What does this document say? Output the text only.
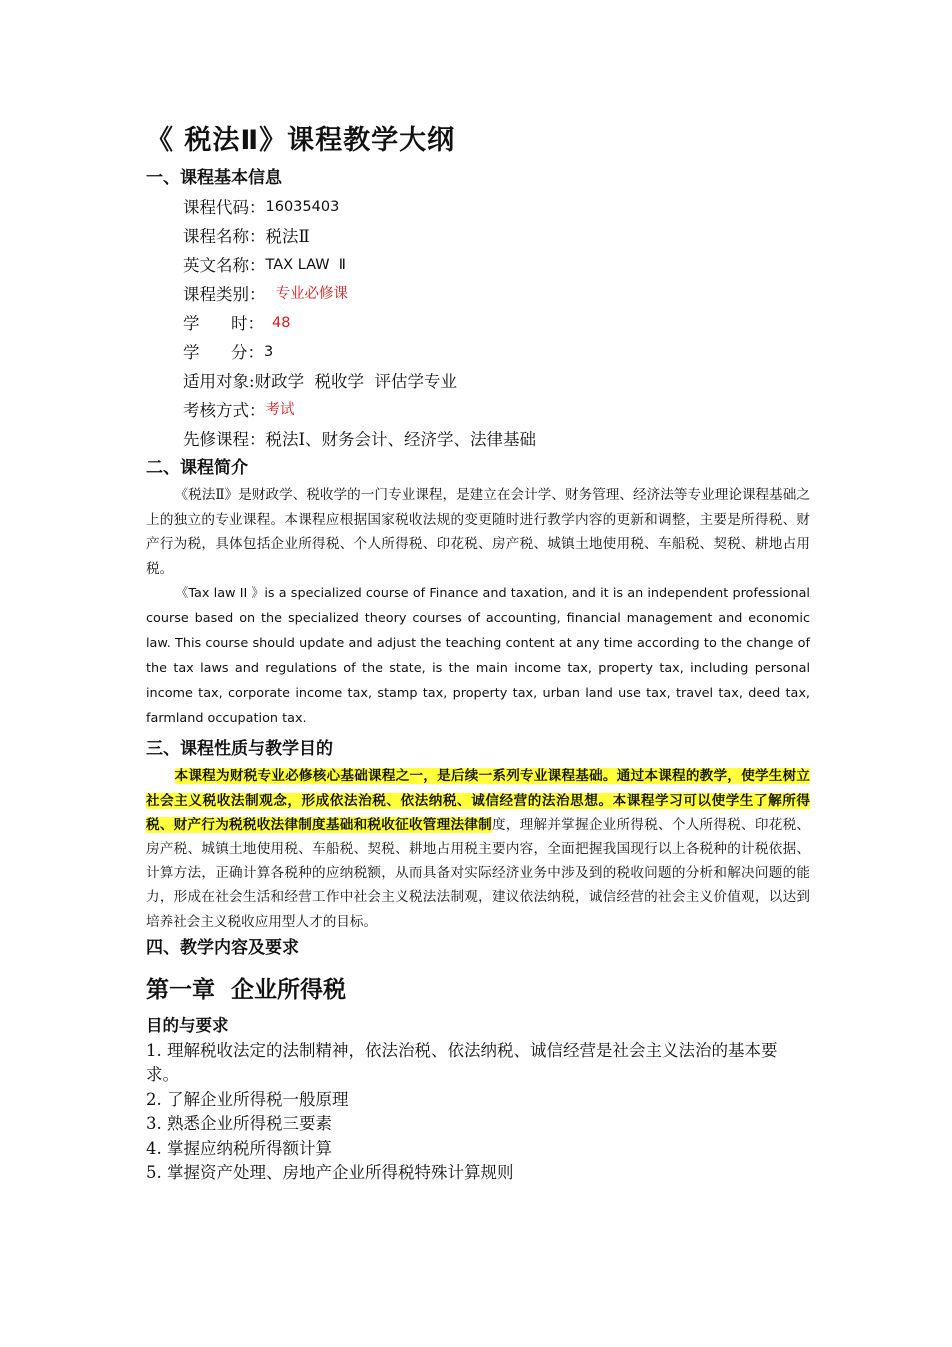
《 税法Ⅱ》课程教学大纲
一、课程基本信息
课程代码： 16035403
课程名称： 税法Ⅱ
英文名称： TAX LAW  Ⅱ
课程类别： 专业必修课
学      时： 48
学      分： 3
适用对象: 财政学  税收学  评估学专业
考核方式： 考试
先修课程： 税法Ⅰ、财务会计、经济学、法律基础
二、课程简介

《税法Ⅱ》是财政学、税收学的一门专业课程，是建立在会计学、财务管理、经济法等专业理论课程基础之上的独立的专业课程。本课程应根据国家税收法规的变更随时进行教学内容的更新和调整，主要是所得税、财产行为税，具体包括企业所得税、个人所得税、印花税、房产税、城镇土地使用税、车船税、契税、耕地占用税。

《Tax law II 》is a specialized course of Finance and taxation, and it is an independent professional course based on the specialized theory courses of accounting, financial management and economic law. This course should update and adjust the teaching content at any time according to the change of the tax laws and regulations of the state, is the main income tax, property tax, including personal income tax, corporate income tax, stamp tax, property tax, urban land use tax, travel tax, deed tax, farmland occupation tax.

三、课程性质与教学目的

本课程为财税专业必修核心基础课程之一，是后续一系列专业课程基础。通过本课程的教学，使学生树立社会主义税收法制观念，形成依法治税、依法纳税、诚信经营的法治思想。本课程学习可以使学生了解所得税、财产行为税税收法律制度基础和税收征收管理法律制度，理解并掌握企业所得税、个人所得税、印花税、房产税、城镇土地使用税、车船税、契税、耕地占用税主要内容，全面把握我国现行以上各税种的计税依据、计算方法，正确计算各税种的应纳税额，从而具备对实际经济业务中涉及到的税收问题的分析和解决问题的能力，形成在社会生活和经营工作中社会主义税法法制观，建议依法纳税，诚信经营的社会主义价值观，以达到培养社会主义税收应用型人才的目标。

四、教学内容及要求
第一章  企业所得税
目的与要求

1. 理解税收法定的法制精神，依法治税、依法纳税、诚信经营是社会主义法治的基本要求。

2. 了解企业所得税一般原理

3. 熟悉企业所得税三要素

4. 掌握应纳税所得额计算

5. 掌握资产处理、房地产企业所得税特殊计算规则
